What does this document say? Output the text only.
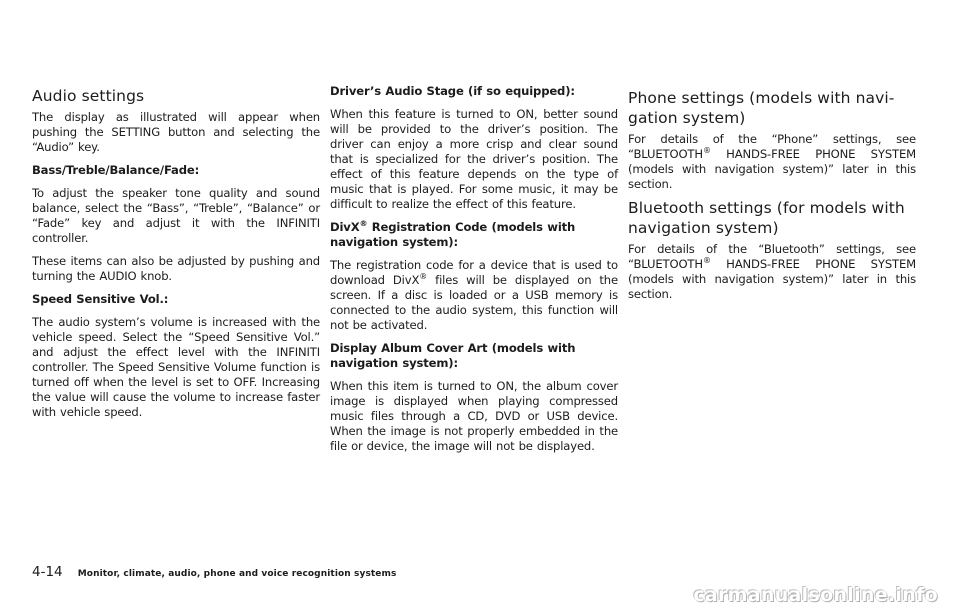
Audio settings

The display as illustrated will appear when pushing the SETTING button and selecting the “Audio” key.

Bass/Treble/Balance/Fade:

To adjust the speaker tone quality and sound balance, select the “Bass”, “Treble”, “Balance” or “Fade” key and adjust it with the INFINITI controller.

These items can also be adjusted by pushing and turning the AUDIO knob.

Speed Sensitive Vol.:

The audio system’s volume is increased with the vehicle speed. Select the “Speed Sensitive Vol.” and adjust the effect level with the INFINITI controller. The Speed Sensitive Volume function is turned off when the level is set to OFF. Increasing the value will cause the volume to increase faster with vehicle speed.

Driver’s Audio Stage (if so equipped):

When this feature is turned to ON, better sound will be provided to the driver’s position. The driver can enjoy a more crisp and clear sound that is specialized for the driver’s position. The effect of this feature depends on the type of music that is played. For some music, it may be difficult to realize the effect of this feature.

DivX® Registration Code (models with navigation system):

The registration code for a device that is used to download DivX® files will be displayed on the screen. If a disc is loaded or a USB memory is connected to the audio system, this function will not be activated.

Display Album Cover Art (models with navigation system):

When this item is turned to ON, the album cover image is displayed when playing compressed music files through a CD, DVD or USB device. When the image is not properly embedded in the file or device, the image will not be displayed.

Phone settings (models with navi-gation system)

For details of the “Phone” settings, see “BLUETOOTH® HANDS-FREE PHONE SYSTEM (models with navigation system)” later in this section.

Bluetooth settings (for models with navigation system)

For details of the “Bluetooth” settings, see “BLUETOOTH® HANDS-FREE PHONE SYSTEM (models with navigation system)” later in this section.

4-14 Monitor, climate, audio, phone and voice recognition systems
carmanualsonline.info
